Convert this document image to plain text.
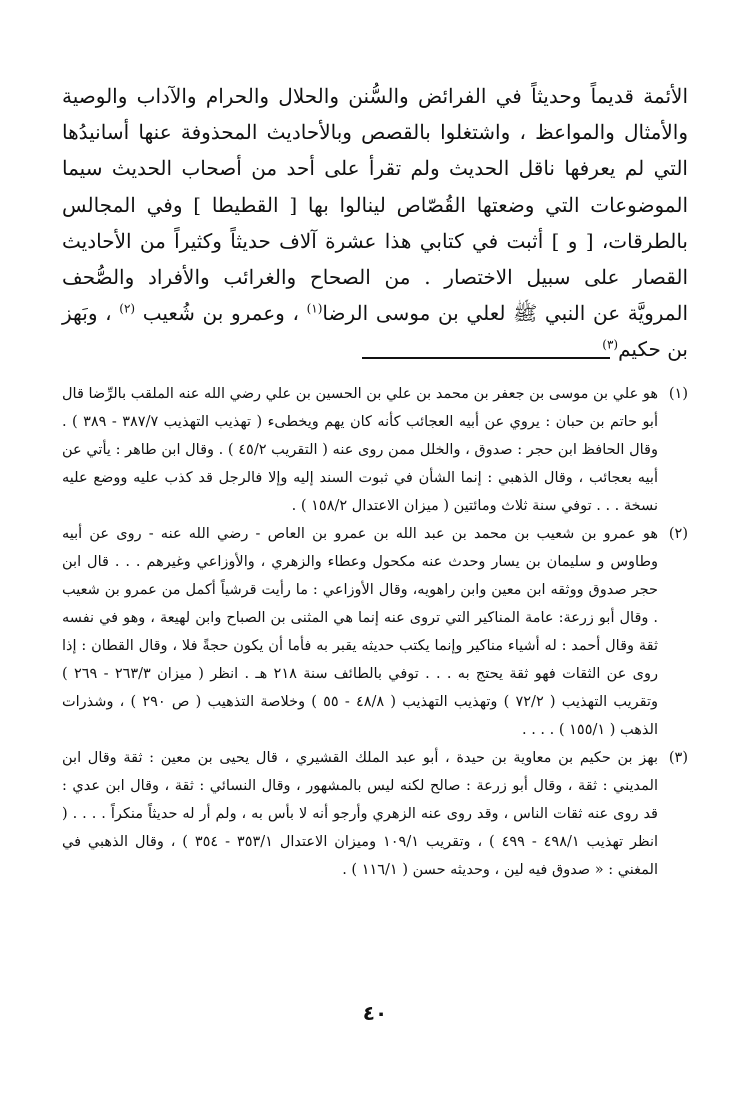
الأئمة قديماً وحديثاً في الفرائض والسُّنن والحلال والحرام والآداب والوصية والأمثال والمواعظ ، واشتغلوا بالقصص وبالأحاديث المحذوفة عنها أسانيدُها التي لم يعرفها ناقل الحديث ولم تقرأ على أحد من أصحاب الحديث سيما الموضوعات التي وضعتها القُصّاص لينالوا بها [ القطيطا ] وفي المجالس بالطرقات، [ و ] أثبت في كتابي هذا عشرة آلاف حديثاً وكثيراً من الأحاديث القصار على سبيل الاختصار . من الصحاح والغرائب والأفراد والصُّحف المرويَّة عن النبي ﷺ لعلي بن موسى الرضا$^{(١)}$ ، وعمرو بن شُعيب $^{(٢)}$ ، وبَهز بن حكيم$^{(٣)}$
(١)
هو علي بن موسى بن جعفر بن محمد بن علي بن الحسين بن علي رضي الله عنه الملقب بالرِّضا قال أبو حاتم بن حبان : يروي عن أبيه العجائب كأنه كان يهم ويخطىء ( تهذيب التهذيب ٣٨٧/٧ - ٣٨٩ ) . وقال الحافظ ابن حجر : صدوق ، والخلل ممن روى عنه ( التقريب ٤٥/٢ ) . وقال ابن طاهر : يأتي عن أبيه بعجائب ، وقال الذهبي : إنما الشأن في ثبوت السند إليه وإلا فالرجل قد كذب عليه ووضع عليه نسخة . . . توفي سنة ثلاث ومائتين ( ميزان الاعتدال ١٥٨/٢ ) .
(٢)
هو عمرو بن شعيب بن محمد بن عبد الله بن عمرو بن العاص - رضي الله عنه - روى عن أبيه وطاوس و سليمان بن يسار وحدث عنه مكحول وعطاء والزهري ، والأوزاعي وغيرهم . . . قال ابن حجر صدوق ووثقه ابن معين وابن راهويه، وقال الأوزاعي : ما رأيت قرشياً أكمل من عمرو بن شعيب . وقال أبو زرعة: عامة المناكير التي تروى عنه إنما هي المثنى بن الصباح وابن لهيعة ، وهو في نفسه ثقة وقال أحمد : له أشياء مناكير وإنما يكتب حديثه يقبر به فأما أن يكون حجةً فلا ، وقال القطان : إذا روى عن الثقات فهو ثقة يحتج به . . . توفي بالطائف سنة ٢١٨ هـ . انظر ( ميزان ٢٦٣/٣ - ٢٦٩ ) وتقريب التهذيب ( ٧٢/٢ ) وتهذيب التهذيب ( ٤٨/٨ - ٥٥ ) وخلاصة التذهيب ( ص ٢٩٠ ) ، وشذرات الذهب ( ١٥٥/١ ) . . . .
(٣)
بهز بن حكيم بن معاوية بن حيدة ، أبو عبد الملك القشيري ، قال يحيى بن معين : ثقة وقال ابن المديني : ثقة ، وقال أبو زرعة : صالح لكنه ليس بالمشهور ، وقال النسائي : ثقة ، وقال ابن عدي : قد روى عنه ثقات الناس ، وقد روى عنه الزهري وأرجو أنه لا بأس به ، ولم أر له حديثاً منكراً . . . . ( انظر تهذيب ٤٩٨/١ - ٤٩٩ ) ، وتقريب ١٠٩/١ وميزان الاعتدال ٣٥٣/١ - ٣٥٤ ) ، وقال الذهبي في المغني : « صدوق فيه لين ، وحديثه حسن ( ١١٦/١ ) .
٤٠
